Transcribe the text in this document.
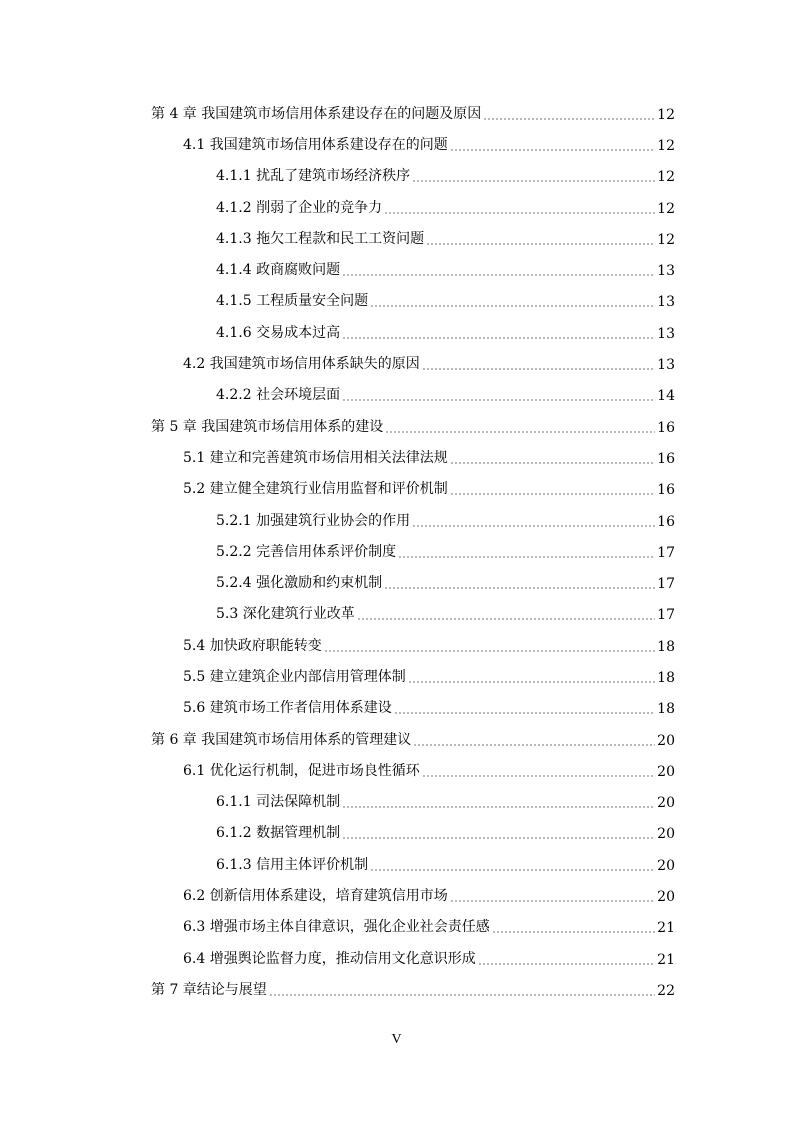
第 4 章 我国建筑市场信用体系建设存在的问题及原因	12
4.1 我国建筑市场信用体系建设存在的问题	12
4.1.1 扰乱了建筑市场经济秩序	12
4.1.2 削弱了企业的竞争力	12
4.1.3 拖欠工程款和民工工资问题	12
4.1.4 政商腐败问题	13
4.1.5 工程质量安全问题	13
4.1.6 交易成本过高	13
4.2 我国建筑市场信用体系缺失的原因	13
4.2.2 社会环境层面	14
第 5 章 我国建筑市场信用体系的建设	16
5.1 建立和完善建筑市场信用相关法律法规	16
5.2 建立健全建筑行业信用监督和评价机制	16
5.2.1 加强建筑行业协会的作用	16
5.2.2 完善信用体系评价制度	17
5.2.4 强化激励和约束机制	17
5.3 深化建筑行业改革	17
5.4 加快政府职能转变	18
5.5 建立建筑企业内部信用管理体制	18
5.6 建筑市场工作者信用体系建设	18
第 6 章 我国建筑市场信用体系的管理建议	20
6.1 优化运行机制，促进市场良性循环	20
6.1.1 司法保障机制	20
6.1.2 数据管理机制	20
6.1.3 信用主体评价机制	20
6.2 创新信用体系建设，培育建筑信用市场	20
6.3 增强市场主体自律意识，强化企业社会责任感	21
6.4 增强舆论监督力度，推动信用文化意识形成	21
第 7 章结论与展望	22
V
